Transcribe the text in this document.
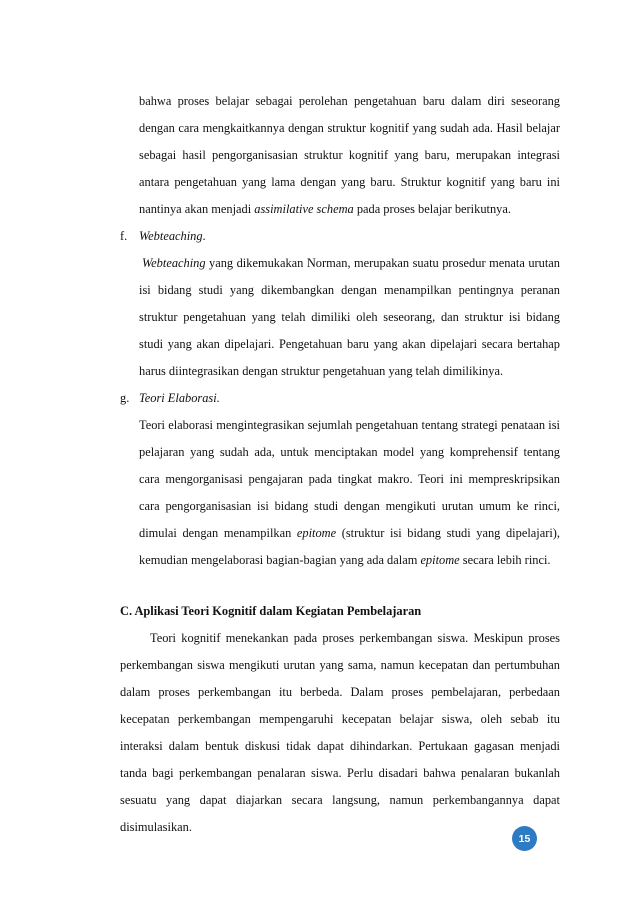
bahwa proses belajar sebagai perolehan pengetahuan baru dalam diri seseorang dengan cara mengkaitkannya dengan struktur kognitif yang sudah ada. Hasil belajar sebagai hasil pengorganisasian struktur kognitif yang baru, merupakan integrasi antara pengetahuan yang lama dengan yang baru. Struktur kognitif yang baru ini nantinya akan menjadi assimilative schema pada proses belajar berikutnya.

f. Webteaching.

Webteaching yang dikemukakan Norman, merupakan suatu prosedur menata urutan isi bidang studi yang dikembangkan dengan menampilkan pentingnya peranan struktur pengetahuan yang telah dimiliki oleh seseorang, dan struktur isi bidang studi yang akan dipelajari. Pengetahuan baru yang akan dipelajari secara bertahap harus diintegrasikan dengan struktur pengetahuan yang telah dimilikinya.

g. Teori Elaborasi.

Teori elaborasi mengintegrasikan sejumlah pengetahuan tentang strategi penataan isi pelajaran yang sudah ada, untuk menciptakan model yang komprehensif tentang cara mengorganisasi pengajaran pada tingkat makro. Teori ini mempreskripsikan cara pengorganisasian isi bidang studi dengan mengikuti urutan umum ke rinci, dimulai dengan menampilkan epitome (struktur isi bidang studi yang dipelajari), kemudian mengelaborasi bagian-bagian yang ada dalam epitome secara lebih rinci.

C. Aplikasi Teori Kognitif dalam Kegiatan Pembelajaran

Teori kognitif menekankan pada proses perkembangan siswa. Meskipun proses perkembangan siswa mengikuti urutan yang sama, namun kecepatan dan pertumbuhan dalam proses perkembangan itu berbeda. Dalam proses pembelajaran, perbedaan kecepatan perkembangan mempengaruhi kecepatan belajar siswa, oleh sebab itu interaksi dalam bentuk diskusi tidak dapat dihindarkan. Pertukaan gagasan menjadi tanda bagi perkembangan penalaran siswa. Perlu disadari bahwa penalaran bukanlah sesuatu yang dapat diajarkan secara langsung, namun perkembangannya dapat disimulasikan.

15
